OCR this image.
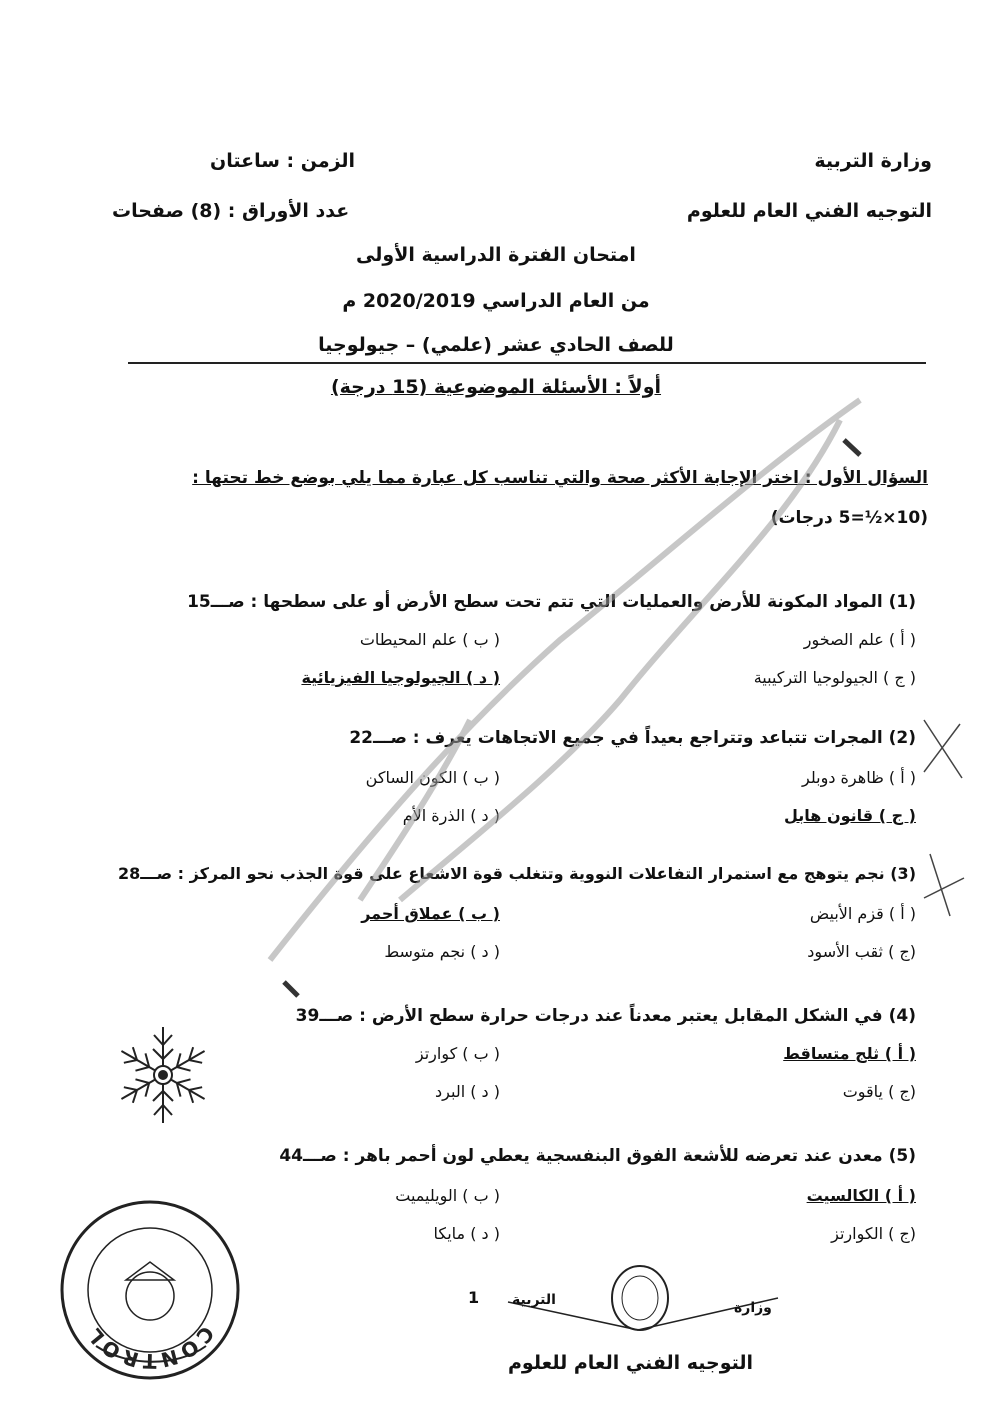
وزارة التربية
التوجيه الفني العام للعلوم
الزمن : ساعتان
عدد الأوراق : (8) صفحات
امتحان الفترة الدراسية الأولى
من العام الدراسي 2020/2019 م
للصف الحادي عشر (علمي) – جيولوجيا
أولاً : الأسئلة الموضوعية (15 درجة)
السؤال الأول : اختر الإجابة الأكثر صحة والتي تناسب كل عبارة مما يلي بوضع خط تحتها :
(10×½=5 درجات)
(1) المواد المكونة للأرض والعمليات التي تتم تحت سطح الأرض أو على سطحها : صـــ15
( أ ) علم الصخور
( ب ) علم المحيطات
( ج ) الجيولوجيا التركيبية
( د ) الجيولوجيا الفيزيائية
(2) المجرات تتباعد وتتراجع بعيداً في جميع الاتجاهات يعرف : صـــ22
( أ ) ظاهرة دوبلر
( ب ) الكون الساكن
( ج ) قانون هابل
( د ) الذرة الأم
(3) نجم يتوهج مع استمرار التفاعلات النووية وتتغلب قوة الاشعاع على قوة الجذب نحو المركز : صـــ28
( أ ) قزم الأبيض
( ب ) عملاق أحمر
(ج ) ثقب الأسود
( د ) نجم متوسط
(4) في الشكل المقابل يعتبر معدناً عند درجات حرارة سطح الأرض : صـــ39
( أ ) ثلج متساقط
( ب ) كوارتز
(ج ) ياقوت
( د ) البرد
(5) معدن عند تعرضه للأشعة الفوق البنفسجية يعطي لون أحمر باهر : صـــ44
( أ ) الكالسيت
( ب ) الويليميت
(ج ) الكوارتز
( د ) مايكا
CONTROL
1 التربية	وزارة
التوجيه الفني العام للعلوم
